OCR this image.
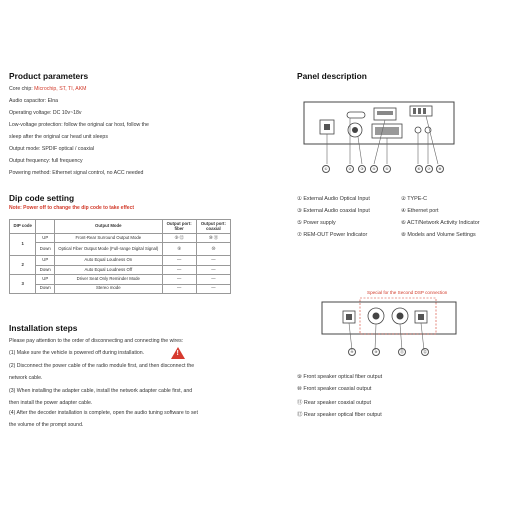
Product parameters
Core chip: Microchip, ST, TI, AKM
Audio capacitor: Elna
Operating voltage: DC 10v~18v
Low-voltage protection: follow the original car host, follow the
sleep after the original car head unit sleeps
Output mode: SPDIF optical / coaxial
Output frequency: full frequency
Powering method: Ethernet signal control, no ACC needed
Dip code setting
Note: Power off to change the dip code to take effect
DIP code		Output Mode	Output port: fiber	Output port: coaxial
1	UP	Front-Rear Surround Output Mode	⑨ ⑫	⑩ ⑪
	Down	Optical Fiber Output Mode (Full-range Digital Signal)	⑨	⑩
2	UP	Auto Equal Loudness On	—	—
	Down	Auto Equal Loudness Off	—	—
3	UP	Driver Seat Only Reminder Mode	—	—
	Down	Stereo mode	—	—
Installation steps
Please pay attention to the order of disconnecting and connecting the wires:
(1) Make sure the vehicle is powered off during installation.	!
(2) Disconnect the power cable of the radio module first, and then disconnect the
network cable.
(3) When installing the adapter cable, install the network adapter cable first, and
then install the power adapter cable.
(4) After the decoder installation is complete, open the audio tuning software to set
the volume of the prompt sound.
Panel description
①	②	③	④	⑤	⑥	⑦	⑧
① External Audio Optical Input
③ External Audio coaxial Input
⑤ Power supply
⑦ REM-OUT Power Indicator
② TYPE-C
④ Ethernet port
⑥ ACT/Network Activity Indicator
⑧ Models and Volume Settings
Special for the Second DSP connection
⑨	⑩	⑪	⑫
⑨ Front speaker optical fiber output
⑩ Front speaker coaxial output
⑪ Rear speaker coaxial output
⑫ Rear speaker optical fiber output
